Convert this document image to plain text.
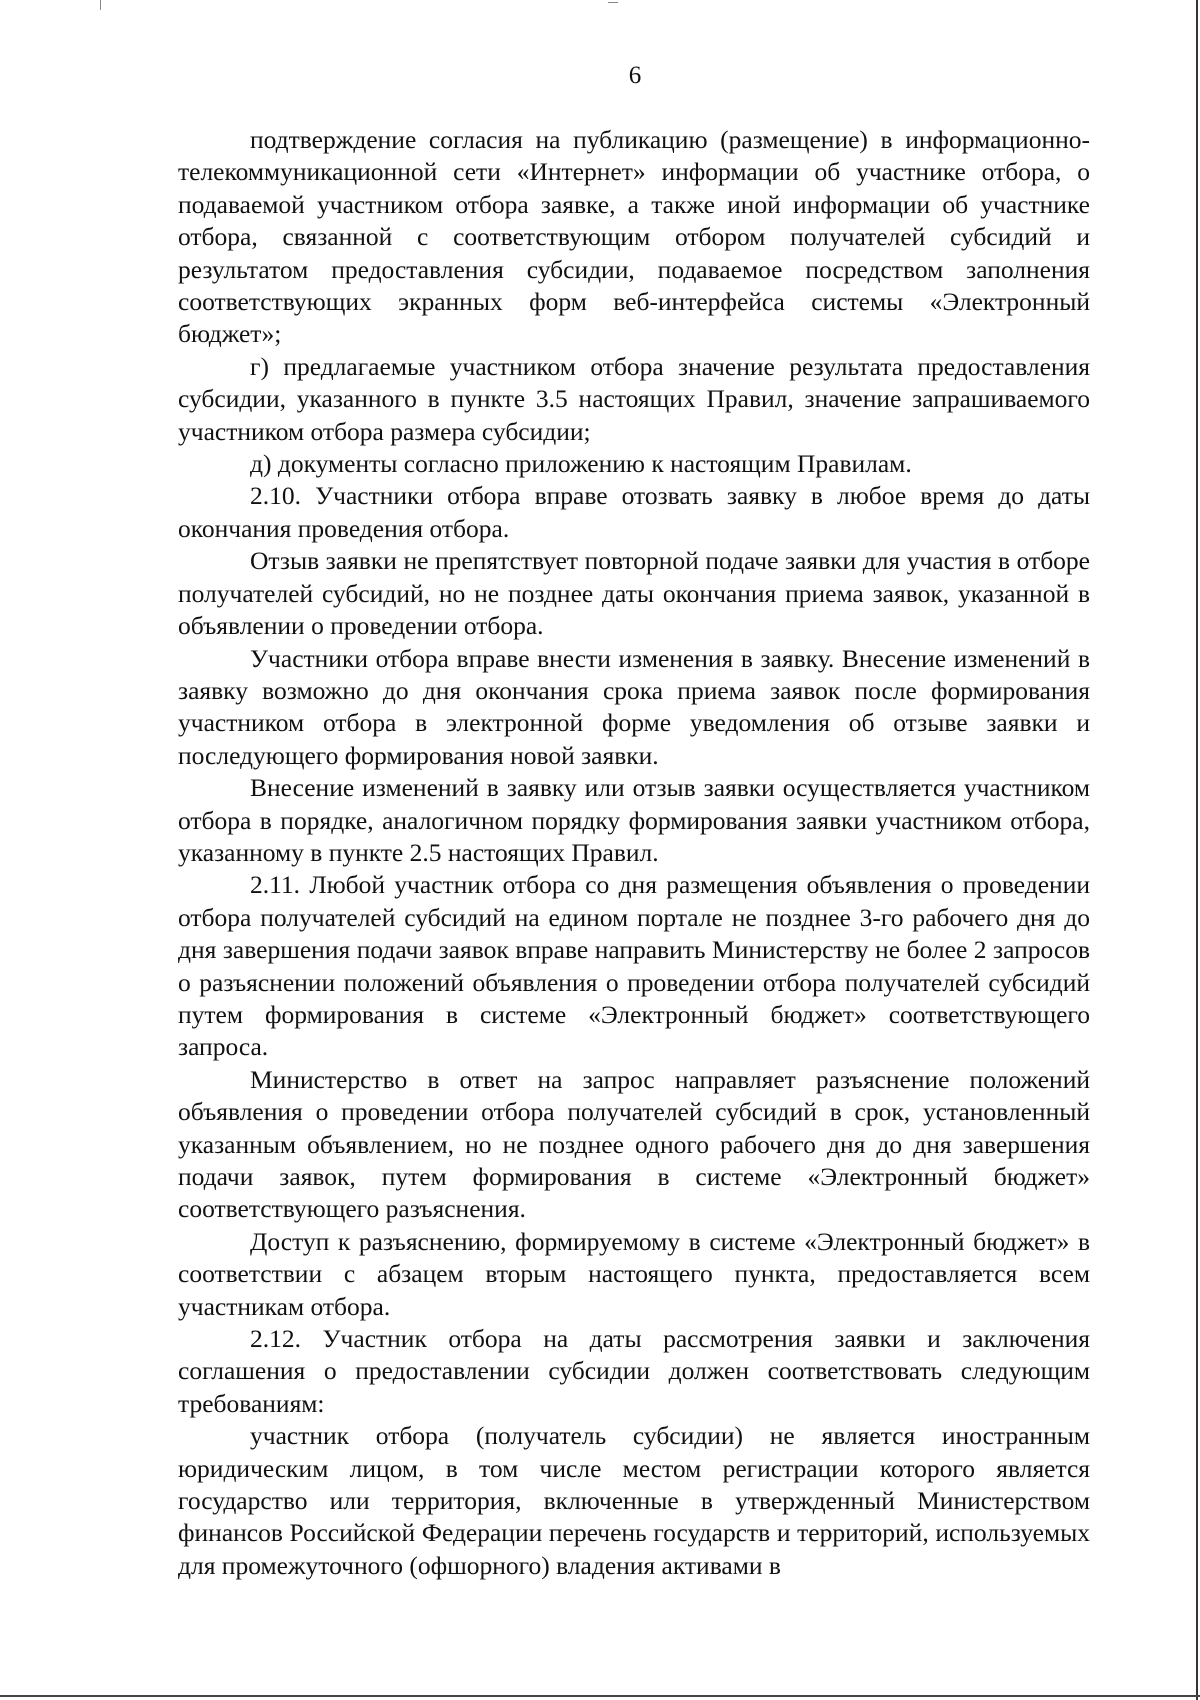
6

подтверждение согласия на публикацию (размещение) в информационно-телекоммуникационной сети «Интернет» информации об участнике отбора, о подаваемой участником отбора заявке, а также иной информации об участнике отбора, связанной с соответствующим отбором получателей субсидий и результатом предоставления субсидии, подаваемое посредством заполнения соответствующих экранных форм веб-интерфейса системы «Электронный бюджет»;

г) предлагаемые участником отбора значение результата предоставления субсидии, указанного в пункте 3.5 настоящих Правил, значение запрашиваемого участником отбора размера субсидии;

д) документы согласно приложению к настоящим Правилам.

2.10. Участники отбора вправе отозвать заявку в любое время до даты окончания проведения отбора.

Отзыв заявки не препятствует повторной подаче заявки для участия в отборе получателей субсидий, но не позднее даты окончания приема заявок, указанной в объявлении о проведении отбора.

Участники отбора вправе внести изменения в заявку. Внесение изменений в заявку возможно до дня окончания срока приема заявок после формирования участником отбора в электронной форме уведомления об отзыве заявки и последующего формирования новой заявки.

Внесение изменений в заявку или отзыв заявки осуществляется участником отбора в порядке, аналогичном порядку формирования заявки участником отбора, указанному в пункте 2.5 настоящих Правил.

2.11. Любой участник отбора со дня размещения объявления о проведении отбора получателей субсидий на едином портале не позднее 3-го рабочего дня до дня завершения подачи заявок вправе направить Министерству не более 2 запросов о разъяснении положений объявления о проведении отбора получателей субсидий путем формирования в системе «Электронный бюджет» соответствующего запроса.

Министерство в ответ на запрос направляет разъяснение положений объявления о проведении отбора получателей субсидий в срок, установленный указанным объявлением, но не позднее одного рабочего дня до дня завершения подачи заявок, путем формирования в системе «Электронный бюджет» соответствующего разъяснения.

Доступ к разъяснению, формируемому в системе «Электронный бюджет» в соответствии с абзацем вторым настоящего пункта, предоставляется всем участникам отбора.

2.12. Участник отбора на даты рассмотрения заявки и заключения соглашения о предоставлении субсидии должен соответствовать следующим требованиям:

участник отбора (получатель субсидии) не является иностранным юридическим лицом, в том числе местом регистрации которого является государство или территория, включенные в утвержденный Министерством финансов Российской Федерации перечень государств и территорий, используемых для промежуточного (офшорного) владения активами в
